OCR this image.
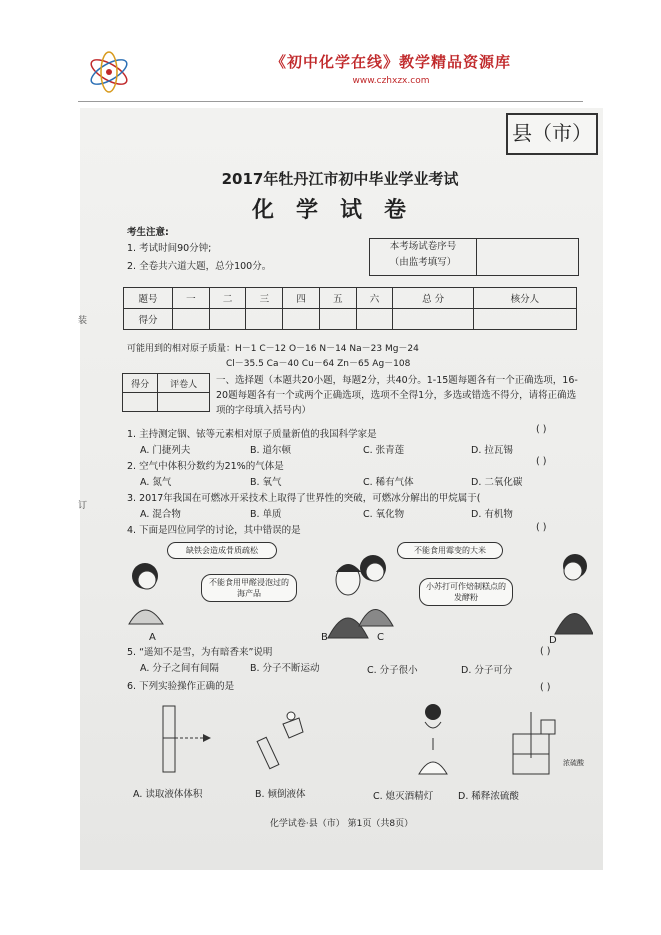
《初中化学在线》教学精品资源库
www.czhxzx.com
县（市）
2017年牡丹江市初中毕业学业考试
化学试卷
考生注意:
1. 考试时间90分钟;
2. 全卷共六道大题，总分100分。
本考场试卷序号
（由监考填写）
题号	一	二	三	四	五	六	总 分	核分人
得分								
可能用到的相对原子质量：H－1 C－12 O－16 N－14 Na－23 Mg－24
Cl－35.5 Ca－40 Cu－64 Zn－65 Ag－108
得分	评卷人
	一、选择题（本题共20小题，每题2分，共40分。1-15题每题各有一个正确选项，16-20题每题各有一个或两个正确选项，选项不全得1分，多选或错选不得分，请将正确选项的字母填入括号内）
1. 主持测定铟、铱等元素相对原子质量新值的我国科学家是	( )
A. 门捷列夫	B. 道尔顿	C. 张青莲	D. 拉瓦锡
2. 空气中体积分数约为21%的气体是	( )
A. 氮气	B. 氧气	C. 稀有气体	D. 二氧化碳
3. 2017年我国在可燃冰开采技术上取得了世界性的突破，可燃冰分解出的甲烷属于(
A. 混合物	B. 单质	C. 氧化物	D. 有机物
4. 下面是四位同学的讨论，其中错误的是	( )
缺铁会造成骨质疏松
不能食用甲醛浸泡过的海产品
不能食用霉变的大米
小苏打可作焙制糕点的发酵粉
A	B	C	D
5. “遥知不是雪，为有暗香来”说明	( )
A. 分子之间有间隔	B. 分子不断运动	C. 分子很小	D. 分子可分
6. 下列实验操作正确的是	( )
浓硫酸
A. 读取液体体积	B. 倾倒液体	C. 熄灭酒精灯	D. 稀释浓硫酸
化学试卷·县（市） 第1页（共8页）
装
订
